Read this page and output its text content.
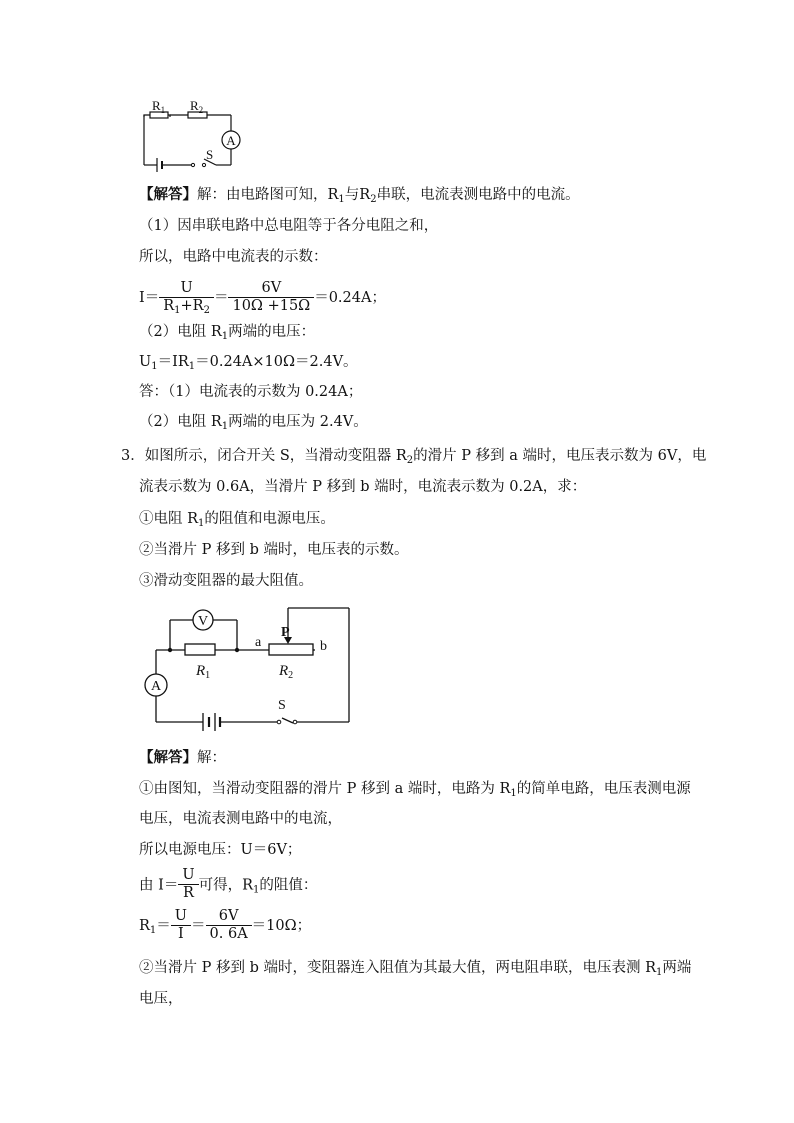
A
$R_1$ $R_2$
S
【解答】解：由电路图可知，$R_1$与$R_2$串联，电流表测电路中的电流。
（1）因串联电路中总电阻等于各分电阻之和，
所以，电路中电流表的示数：
$I= \frac{U}{R_1+R_2} = \frac{6V}{10\Omega +15\Omega} =0.24A$；
（2）电阻 $R_1$两端的电压：
$U_1=IR_1=0.24A\times 10\Omega=2.4V$。
答：（1）电流表的示数为 0.24A；
（2）电阻 $R_1$两端的电压为 2.4V。
3．如图所示，闭合开关 S，当滑动变阻器 $R_2$的滑片 P 移到 a 端时，电压表示数为 6V，电
流表示数为 0.6A，当滑片 P 移到 b 端时，电流表示数为 0.2A，求：
①电阻 $R_1$的阻值和电源电压。
②当滑片 P 移到 b 端时，电压表的示数。
③滑动变阻器的最大阻值。
V
A
$R_1$	$R_2$
a	b
P
S
【解答】解：
①由图知，当滑动变阻器的滑片 P 移到 a 端时，电路为 $R_1$的简单电路，电压表测电源
电压，电流表测电路中的电流，
所以电源电压：U＝6V；
由 $I= \frac{U}{R}$ 可得，$R_1$的阻值：
$R_1= \frac{U}{I} = \frac{6V}{0. 6A} =10\Omega$；
②当滑片 P 移到 b 端时，变阻器连入阻值为其最大值，两电阻串联，电压表测 $R_1$两端
电压，
